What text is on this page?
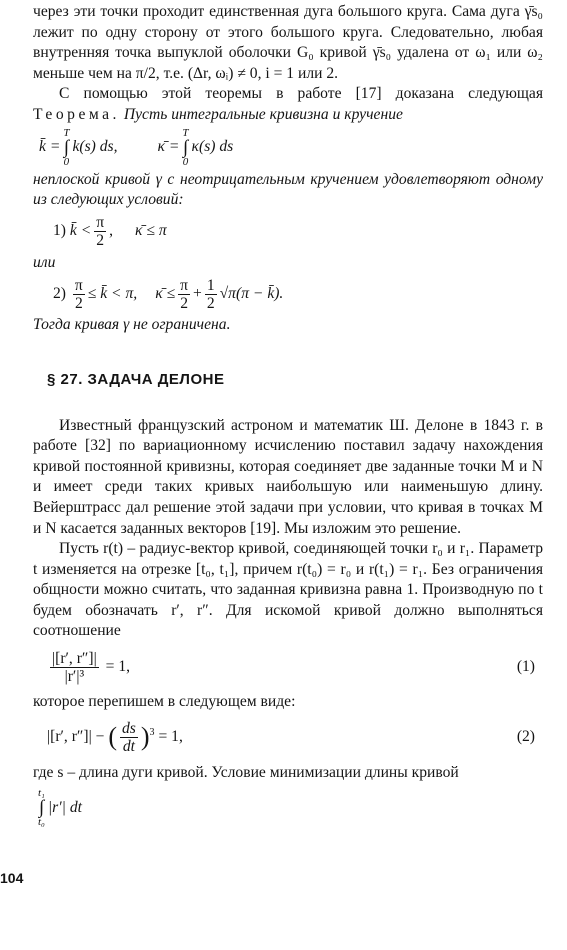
через эти точки проходит единственная дуга большого круга. Сама дуга γ̄s₀ лежит по одну сторону от этого большого круга. Следовательно, любая внутренняя точка выпуклой оболочки G₀ кривой γ̄s₀ удалена от ω₁ или ω₂ меньше чем на π/2, т.е. (Δr, ωᵢ) ≠ 0, i = 1 или 2.

С помощью этой теоремы в работе [17] доказана следующая Теорема. Пусть интегральные кривизна и кручение

k̄ =
T
∫
0
k(s) ds,	κ̄ =
T
∫
0
κ(s) ds

неплоской кривой γ с неотрицательным кручением удовлетворяют одному из следующих условий:

1)
k̄ < $\frac{\pi}{2}$ , κ̄ ≤ π

или

2)
$\frac{\pi}{2}$ ≤ k̄ < π, κ̄ ≤ $\frac{\pi}{2} + \frac{1}{2} √\pi(\pi$ − k̄).

Тогда кривая γ не ограничена.

§ 27. ЗАДАЧА ДЕЛОНЕ

Известный французский астроном и математик Ш. Делоне в 1843 г. в работе [32] по вариационному исчислению поставил задачу нахождения кривой постоянной кривизны, которая соединяет две заданные точки M и N и имеет среди таких кривых наибольшую или наименьшую длину. Вейерштрасс дал решение этой задачи при условии, что кривая в точках M и N касается заданных векторов [19]. Мы изложим это решение.

Пусть r(t) – радиус-вектор кривой, соединяющей точки r₀ и r₁. Параметр t изменяется на отрезке [t₀, t₁], причем r(t₀) = r₀ и r(t₁) = r₁. Без ограничения общности можно считать, что заданная кривизна равна 1. Производную по t будем обозначать r′, r″. Для искомой кривой должно выполняться соотношение

$\frac{|[r', r'']|}{\text{|r′|³}} = 1$,	(1)

которое перепишем в следующем виде:

|[r′, r″]| − ( $\frac{ds}{dt} )^3 = 1$,	(2)

где s – длина дуги кривой. Условие минимизации длины кривой

t₁
∫
t₀
|r′| dt
104
